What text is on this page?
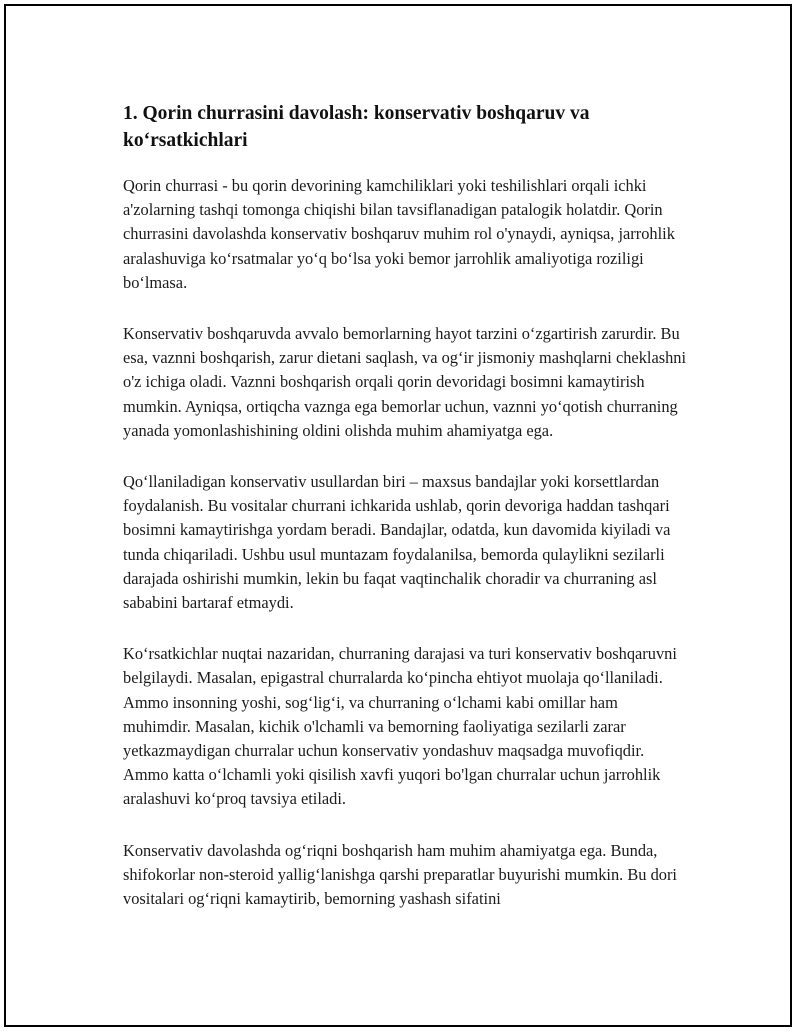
1. Qorin churrasini davolash: konservativ boshqaruv va ko‘rsatkichlari

Qorin churrasi - bu qorin devorining kamchiliklari yoki teshilishlari orqali ichki a'zolarning tashqi tomonga chiqishi bilan tavsiflanadigan patalogik holatdir. Qorin churrasini davolashda konservativ boshqaruv muhim rol o'ynaydi, ayniqsa, jarrohlik aralashuviga ko‘rsatmalar yo‘q bo‘lsa yoki bemor jarrohlik amaliyotiga roziligi bo‘lmasa.

Konservativ boshqaruvda avvalo bemorlarning hayot tarzini o‘zgartirish zarurdir. Bu esa, vaznni boshqarish, zarur dietani saqlash, va og‘ir jismoniy mashqlarni cheklashni o'z ichiga oladi. Vaznni boshqarish orqali qorin devoridagi bosimni kamaytirish mumkin. Ayniqsa, ortiqcha vaznga ega bemorlar uchun, vaznni yo‘qotish churraning yanada yomonlashishining oldini olishda muhim ahamiyatga ega.

Qo‘llaniladigan konservativ usullardan biri – maxsus bandajlar yoki korsettlardan foydalanish. Bu vositalar churrani ichkarida ushlab, qorin devoriga haddan tashqari bosimni kamaytirishga yordam beradi. Bandajlar, odatda, kun davomida kiyiladi va tunda chiqariladi. Ushbu usul muntazam foydalanilsa, bemorda qulaylikni sezilarli darajada oshirishi mumkin, lekin bu faqat vaqtinchalik choradir va churraning asl sababini bartaraf etmaydi.

Ko‘rsatkichlar nuqtai nazaridan, churraning darajasi va turi konservativ boshqaruvni belgilaydi. Masalan, epigastral churralarda ko‘pincha ehtiyot muolaja qo‘llaniladi. Ammo insonning yoshi, sog‘lig‘i, va churraning o‘lchami kabi omillar ham muhimdir. Masalan, kichik o'lchamli va bemorning faoliyatiga sezilarli zarar yetkazmaydigan churralar uchun konservativ yondashuv maqsadga muvofiqdir. Ammo katta o‘lchamli yoki qisilish xavfi yuqori bo'lgan churralar uchun jarrohlik aralashuvi ko‘proq tavsiya etiladi.

Konservativ davolashda og‘riqni boshqarish ham muhim ahamiyatga ega. Bunda, shifokorlar non-steroid yallig‘lanishga qarshi preparatlar buyurishi mumkin. Bu dori vositalari og‘riqni kamaytirib, bemorning yashash sifatini
